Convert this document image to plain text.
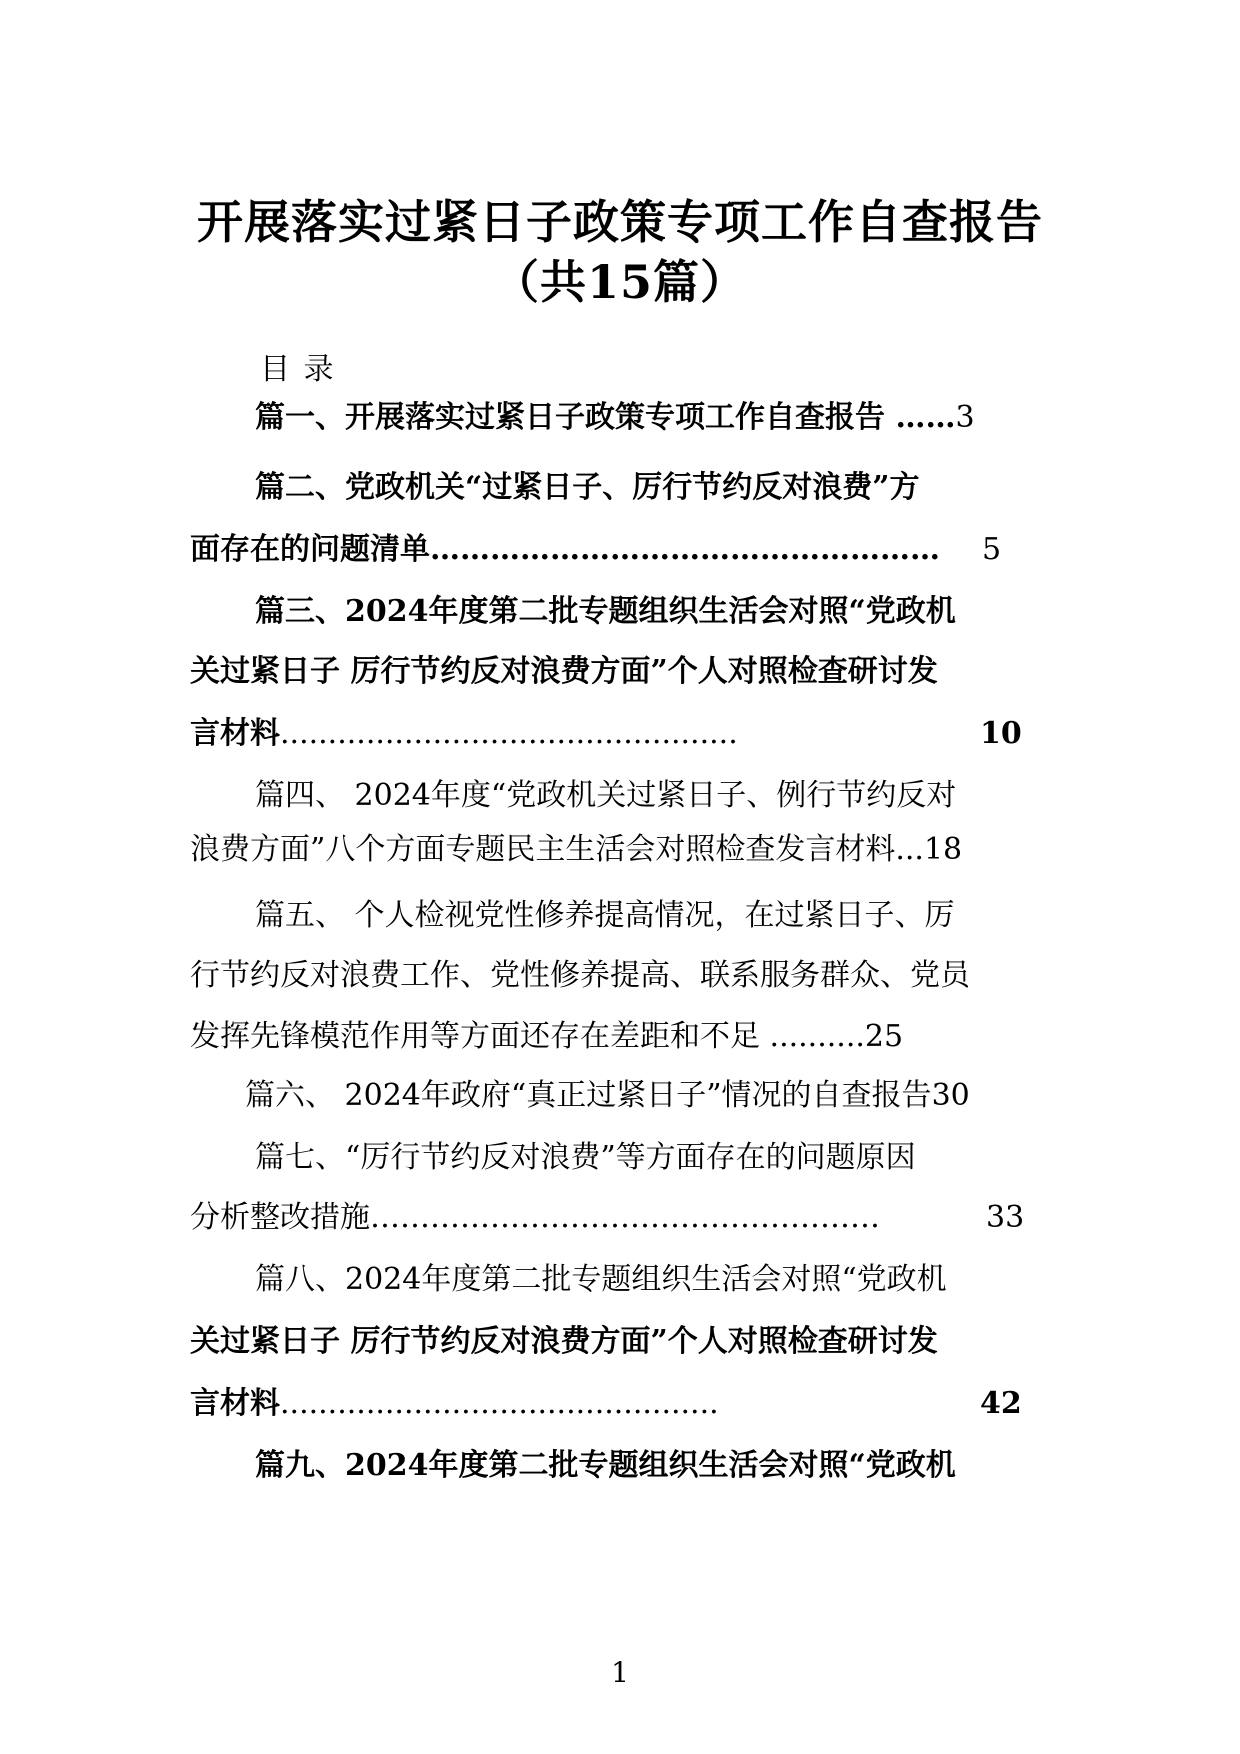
开展落实过紧日子政策专项工作自查报告
（共15篇）
目 录
篇一、开展落实过紧日子政策专项工作自查报告 ……3
篇二、党政机关“过紧日子、厉行节约反对浪费”方
面存在的问题清单…………………………………………… 5
篇三、2024年度第二批专题组织生活会对照“党政机
关过紧日子 厉行节约反对浪费方面”个人对照检查研讨发
言材料................................................	10
篇四、 2024年度“党政机关过紧日子、例行节约反对
浪费方面”八个方面专题民主生活会对照检查发言材料...18
篇五、 个人检视党性修养提高情况，在过紧日子、厉
行节约反对浪费工作、党性修养提高、联系服务群众、党员
发挥先锋模范作用等方面还存在差距和不足 ..........25
篇六、 2024年政府“真正过紧日子”情况的自查报告30
篇七、“厉行节约反对浪费”等方面存在的问题原因
分析整改措施……………………………………………	33
篇八、2024年度第二批专题组织生活会对照“党政机
关过紧日子 厉行节约反对浪费方面”个人对照检查研讨发
言材料..............................................	42
篇九、2024年度第二批专题组织生活会对照“党政机
1
